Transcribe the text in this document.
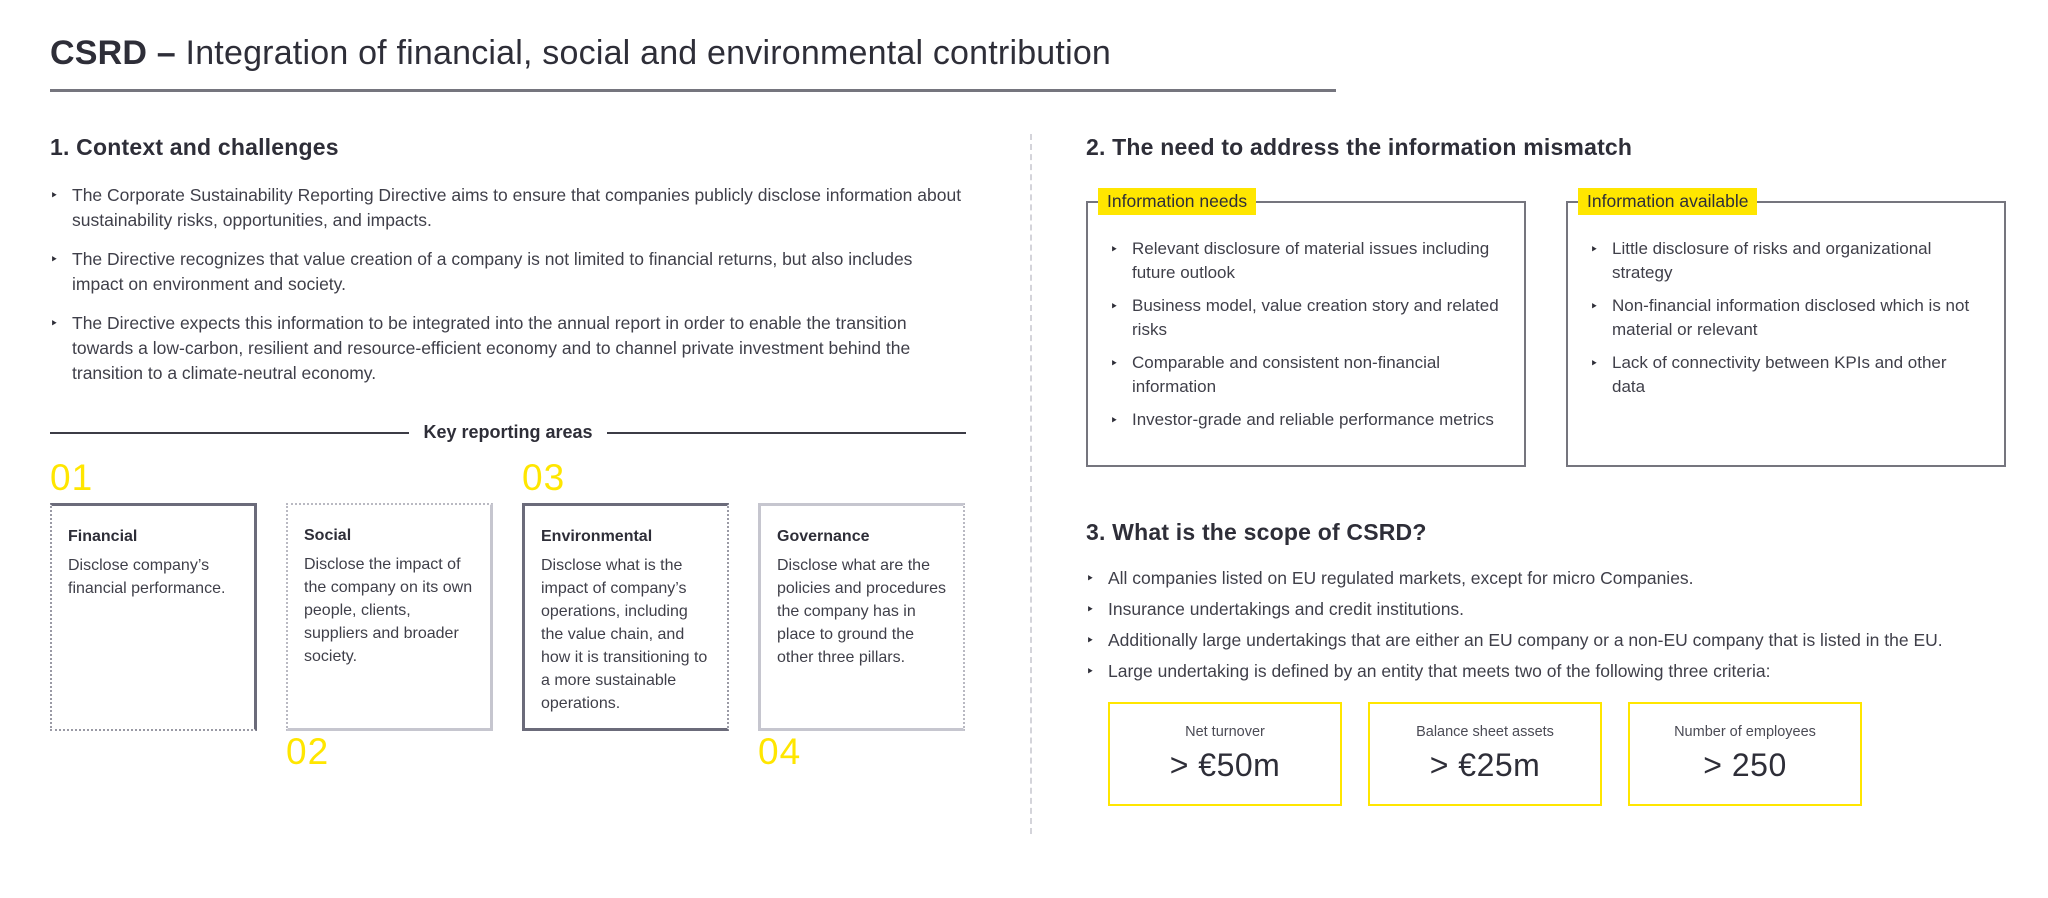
CSRD – Integration of financial, social and environmental contribution
1. Context and challenges
‣ The Corporate Sustainability Reporting Directive aims to ensure that companies publicly disclose information about sustainability risks, opportunities, and impacts.
‣ The Directive recognizes that value creation of a company is not limited to financial returns, but also includes impact on environment and society.
‣ The Directive expects this information to be integrated into the annual report in order to enable the transition towards a low-carbon, resilient and resource-efficient economy and to channel private investment behind the transition to a climate-neutral economy.
Key reporting areas
01
Financial
Disclose company’s financial performance.
Social
Disclose the impact of the company on its own people, clients, suppliers and broader society.
02
03
Environmental
Disclose what is the impact of company’s operations, including the value chain, and how it is transitioning to a more sustainable operations.
Governance
Disclose what are the policies and procedures the company has in place to ground the other three pillars.
04
2. The need to address the information mismatch
Information needs
‣ Relevant disclosure of material issues including future outlook
‣ Business model, value creation story and related risks
‣ Comparable and consistent non-financial information
‣ Investor-grade and reliable performance metrics
Information available
‣ Little disclosure of risks and organizational strategy
‣ Non-financial information disclosed which is not material or relevant
‣ Lack of connectivity between KPIs and other data
3. What is the scope of CSRD?
‣ All companies listed on EU regulated markets, except for micro Companies.
‣ Insurance undertakings and credit institutions.
‣ Additionally large undertakings that are either an EU company or a non-EU company that is listed in the EU.
‣ Large undertaking is defined by an entity that meets two of the following three criteria:
Net turnover
> €50m
Balance sheet assets
> €25m
Number of employees
> 250
